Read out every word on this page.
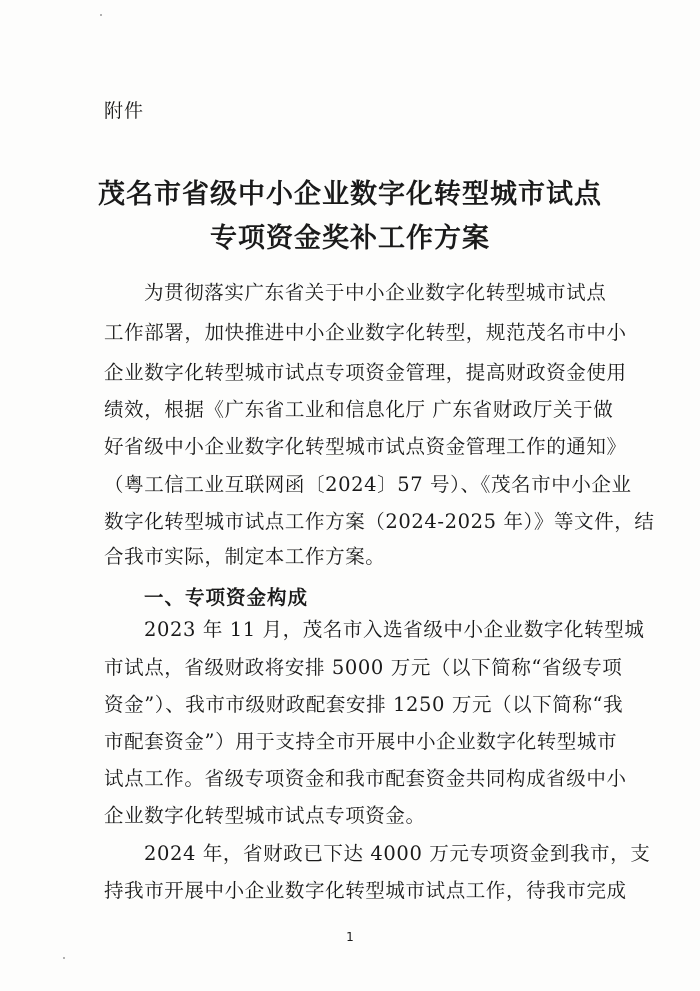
附件
茂名市省级中小企业数字化转型城市试点
专项资金奖补工作方案
为贯彻落实广东省关于中小企业数字化转型城市试点
工作部署，加快推进中小企业数字化转型，规范茂名市中小
企业数字化转型城市试点专项资金管理，提高财政资金使用
绩效，根据《广东省工业和信息化厅 广东省财政厅关于做
好省级中小企业数字化转型城市试点资金管理工作的通知》
（粤工信工业互联网函〔2024〕57 号）、《茂名市中小企业
数字化转型城市试点工作方案（2024-2025 年）》等文件，结
合我市实际，制定本工作方案。
一、专项资金构成
2023 年 11 月，茂名市入选省级中小企业数字化转型城
市试点，省级财政将安排 5000 万元（以下简称“省级专项
资金”）、我市市级财政配套安排 1250 万元（以下简称“我
市配套资金”）用于支持全市开展中小企业数字化转型城市
试点工作。省级专项资金和我市配套资金共同构成省级中小
企业数字化转型城市试点专项资金。
2024 年，省财政已下达 4000 万元专项资金到我市，支
持我市开展中小企业数字化转型城市试点工作，待我市完成
1
